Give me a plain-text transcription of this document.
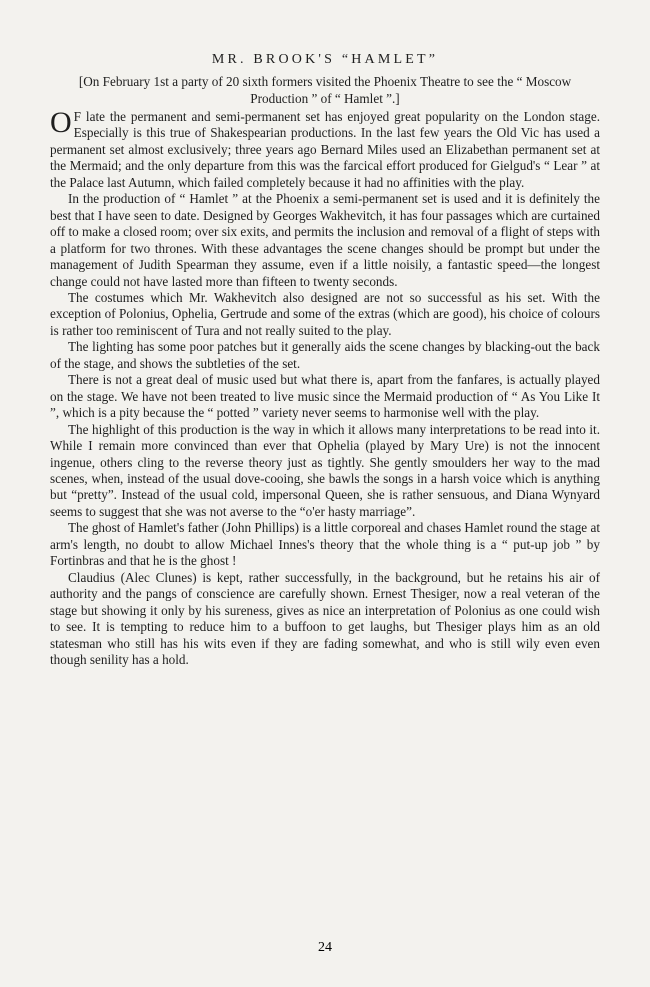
MR. BROOK'S “HAMLET”
[On February 1st a party of 20 sixth formers visited the Phoenix Theatre to see the “ Moscow Production ” of “ Hamlet ”.]

O F late the permanent and semi-permanent set has enjoyed great popularity on the London stage. Especially is this true of Shakespearian productions. In the last few years the Old Vic has used a permanent set almost exclusively; three years ago Bernard Miles used an Elizabethan permanent set at the Mermaid; and the only departure from this was the farcical effort produced for Gielgud's “ Lear ” at the Palace last Autumn, which failed completely because it had no affinities with the play.

In the production of “ Hamlet ” at the Phoenix a semi-permanent set is used and it is definitely the best that I have seen to date. Designed by Georges Wakhevitch, it has four passages which are curtained off to make a closed room; over six exits, and permits the inclusion and removal of a flight of steps with a platform for two thrones. With these advantages the scene changes should be prompt but under the management of Judith Spearman they assume, even if a little noisily, a fantastic speed—the longest change could not have lasted more than fifteen to twenty seconds.

The costumes which Mr. Wakhevitch also designed are not so successful as his set. With the exception of Polonius, Ophelia, Gertrude and some of the extras (which are good), his choice of colours is rather too reminiscent of Tura and not really suited to the play.

The lighting has some poor patches but it generally aids the scene changes by blacking-out the back of the stage, and shows the subtleties of the set.

There is not a great deal of music used but what there is, apart from the fanfares, is actually played on the stage. We have not been treated to live music since the Mermaid production of “ As You Like It ”, which is a pity because the “ potted ” variety never seems to harmonise well with the play.

The highlight of this production is the way in which it allows many interpretations to be read into it. While I remain more convinced than ever that Ophelia (played by Mary Ure) is not the innocent ingenue, others cling to the reverse theory just as tightly. She gently smoulders her way to the mad scenes, when, instead of the usual dove-cooing, she bawls the songs in a harsh voice which is anything but “pretty”. Instead of the usual cold, impersonal Queen, she is rather sensuous, and Diana Wynyard seems to suggest that she was not averse to the “o'er hasty marriage”.

The ghost of Hamlet's father (John Phillips) is a little corporeal and chases Hamlet round the stage at arm's length, no doubt to allow Michael Innes's theory that the whole thing is a “ put-up job ” by Fortinbras and that he is the ghost !

Claudius (Alec Clunes) is kept, rather successfully, in the background, but he retains his air of authority and the pangs of conscience are carefully shown. Ernest Thesiger, now a real veteran of the stage but showing it only by his sureness, gives as nice an interpretation of Polonius as one could wish to see. It is tempting to reduce him to a buffoon to get laughs, but Thesiger plays him as an old statesman who still has his wits even if they are fading somewhat, and who is still wily even even though senility has a hold.

24
